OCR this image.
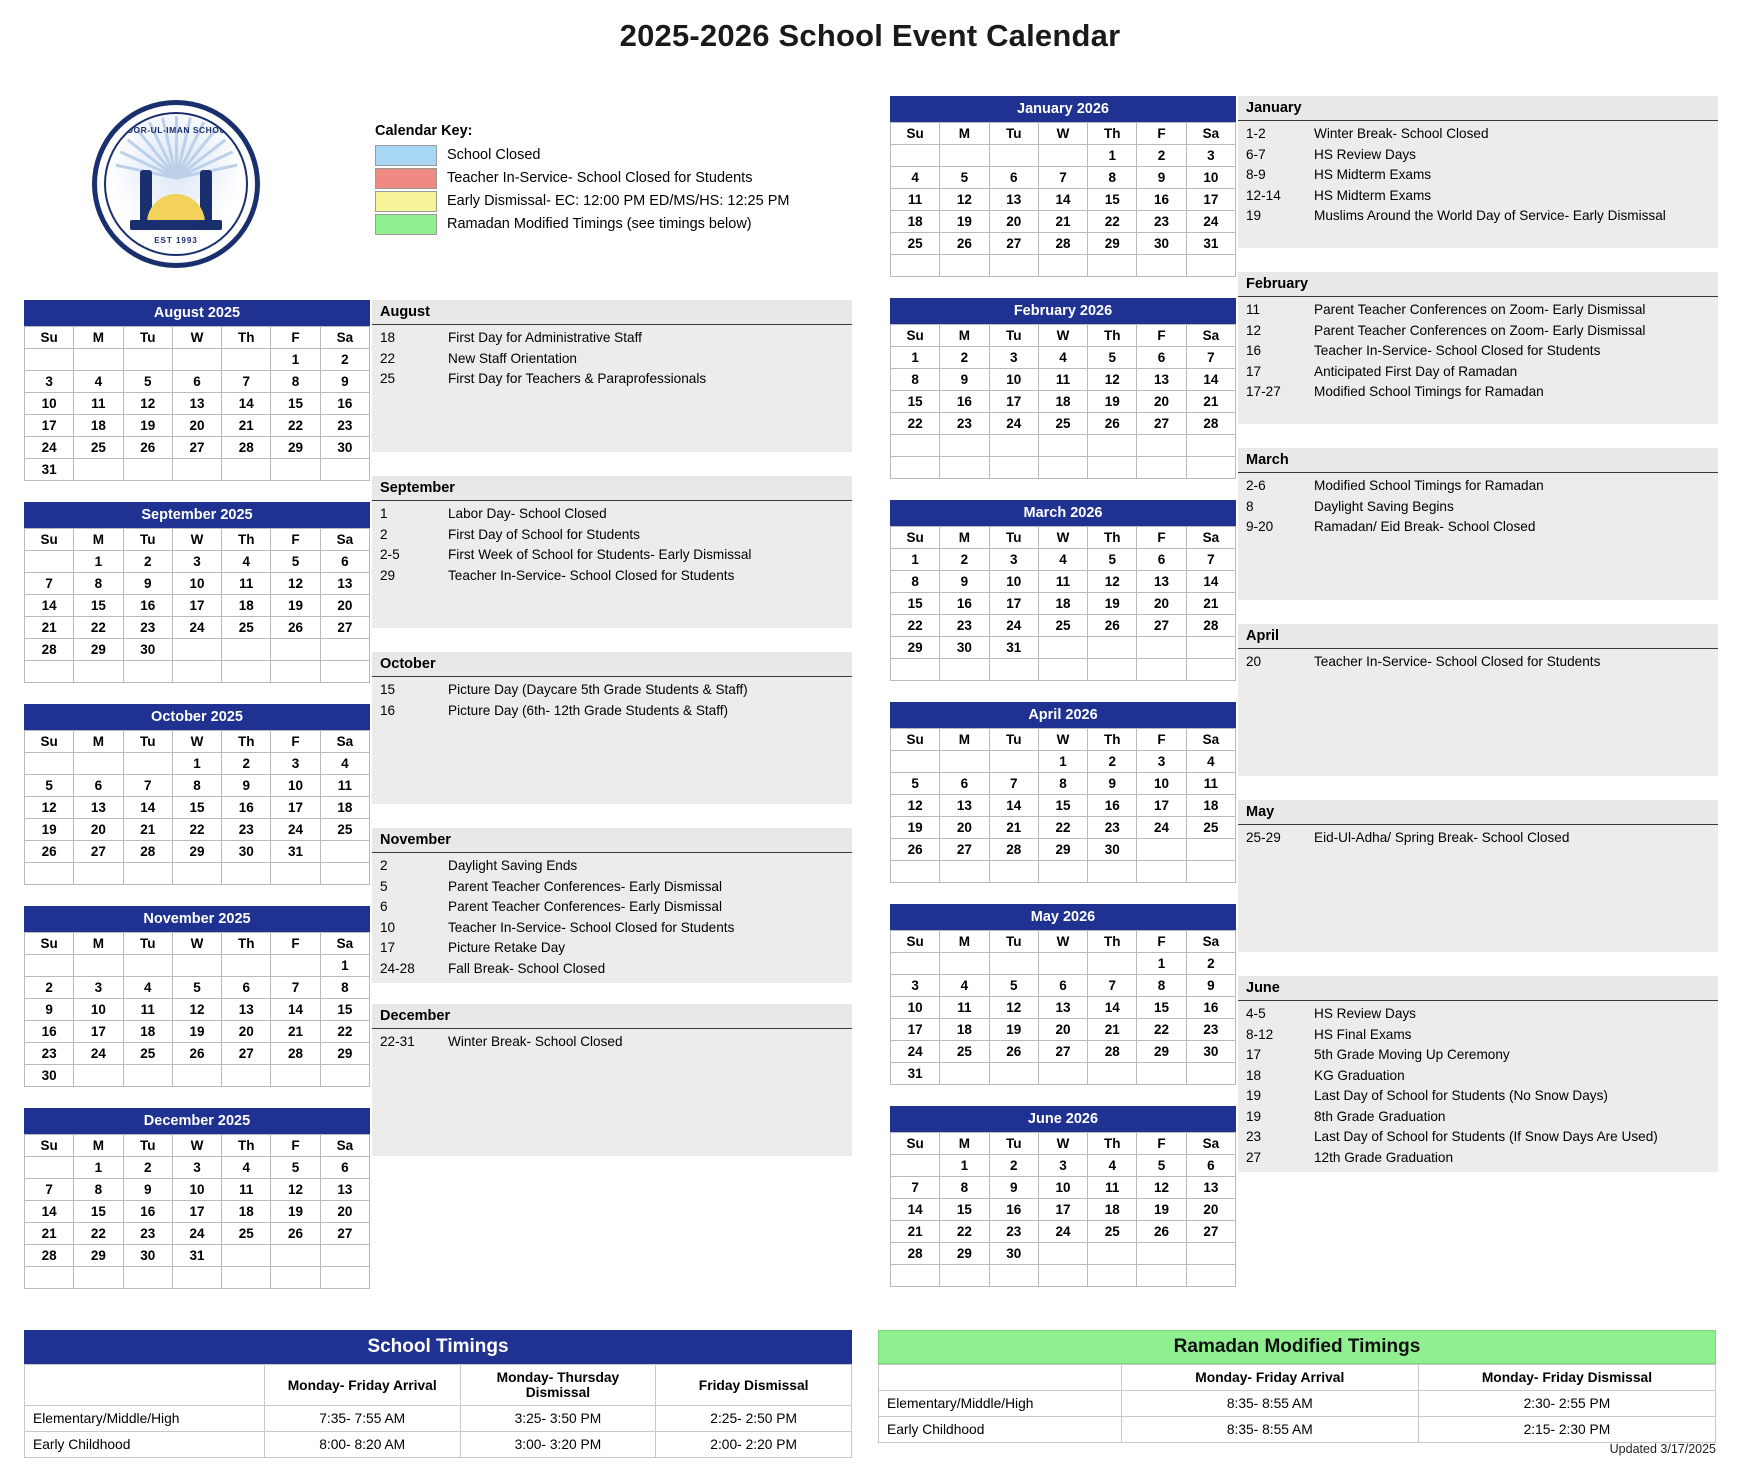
2025-2026 School Event Calendar
NOOR-UL-IMAN SCHOOL
EST 1993
Calendar Key:
School Closed
Teacher In-Service- School Closed for Students
Early Dismissal- EC: 12:00 PM ED/MS/HS: 12:25 PM
Ramadan Modified Timings (see timings below)
August 2025
Su	M	Tu	W	Th	F	Sa
					1	2
3	4	5	6	7	8	9
10	11	12	13	14	15	16
17	18	19	20	21	22	23
24	25	26	27	28	29	30
31						
September 2025
Su	M	Tu	W	Th	F	Sa
	1	2	3	4	5	6
7	8	9	10	11	12	13
14	15	16	17	18	19	20
21	22	23	24	25	26	27
28	29	30				

October 2025
Su	M	Tu	W	Th	F	Sa
			1	2	3	4
5	6	7	8	9	10	11
12	13	14	15	16	17	18
19	20	21	22	23	24	25
26	27	28	29	30	31	

November 2025
Su	M	Tu	W	Th	F	Sa
						1
2	3	4	5	6	7	8
9	10	11	12	13	14	15
16	17	18	19	20	21	22
23	24	25	26	27	28	29
30						
December 2025
Su	M	Tu	W	Th	F	Sa
	1	2	3	4	5	6
7	8	9	10	11	12	13
14	15	16	17	18	19	20
21	22	23	24	25	26	27
28	29	30	31			

August
18	First Day for Administrative Staff
22	New Staff Orientation
25	First Day for Teachers & Paraprofessionals
September
1	Labor Day- School Closed
2	First Day of School for Students
2-5	First Week of School for Students- Early Dismissal
29	Teacher In-Service- School Closed for Students
October
15	Picture Day (Daycare 5th Grade Students & Staff)
16	Picture Day (6th- 12th Grade Students & Staff)
November
2	Daylight Saving Ends
5	Parent Teacher Conferences- Early Dismissal
6	Parent Teacher Conferences- Early Dismissal
10	Teacher In-Service- School Closed for Students
17	Picture Retake Day
24-28	Fall Break- School Closed
December
22-31	Winter Break- School Closed
January 2026
Su	M	Tu	W	Th	F	Sa
				1	2	3
4	5	6	7	8	9	10
11	12	13	14	15	16	17
18	19	20	21	22	23	24
25	26	27	28	29	30	31

February 2026
Su	M	Tu	W	Th	F	Sa
1	2	3	4	5	6	7
8	9	10	11	12	13	14
15	16	17	18	19	20	21
22	23	24	25	26	27	28

March 2026
Su	M	Tu	W	Th	F	Sa
1	2	3	4	5	6	7
8	9	10	11	12	13	14
15	16	17	18	19	20	21
22	23	24	25	26	27	28
29	30	31				

April 2026
Su	M	Tu	W	Th	F	Sa
			1	2	3	4
5	6	7	8	9	10	11
12	13	14	15	16	17	18
19	20	21	22	23	24	25
26	27	28	29	30		

May 2026
Su	M	Tu	W	Th	F	Sa
					1	2
3	4	5	6	7	8	9
10	11	12	13	14	15	16
17	18	19	20	21	22	23
24	25	26	27	28	29	30
31						
June 2026
Su	M	Tu	W	Th	F	Sa
	1	2	3	4	5	6
7	8	9	10	11	12	13
14	15	16	17	18	19	20
21	22	23	24	25	26	27
28	29	30				

January
1-2	Winter Break- School Closed
6-7	HS Review Days
8-9	HS Midterm Exams
12-14	HS Midterm Exams
19	Muslims Around the World Day of Service- Early Dismissal
February
11	Parent Teacher Conferences on Zoom- Early Dismissal
12	Parent Teacher Conferences on Zoom- Early Dismissal
16	Teacher In-Service- School Closed for Students
17	Anticipated First Day of Ramadan
17-27	Modified School Timings for Ramadan
March
2-6	Modified School Timings for Ramadan
8	Daylight Saving Begins
9-20	Ramadan/ Eid Break- School Closed
April
20	Teacher In-Service- School Closed for Students
May
25-29	Eid-Ul-Adha/ Spring Break- School Closed
June
4-5	HS Review Days
8-12	HS Final Exams
17	5th Grade Moving Up Ceremony
18	KG Graduation
19	Last Day of School for Students (No Snow Days)
19	8th Grade Graduation
23	Last Day of School for Students (If Snow Days Are Used)
27	12th Grade Graduation
School Timings
	Monday- Friday Arrival	Monday- Thursday Dismissal	Friday Dismissal
Elementary/Middle/High	7:35- 7:55 AM	3:25- 3:50 PM	2:25- 2:50 PM
Early Childhood	8:00- 8:20 AM	3:00- 3:20 PM	2:00- 2:20 PM
Ramadan Modified Timings
	Monday- Friday Arrival	Monday- Friday Dismissal
Elementary/Middle/High	8:35- 8:55 AM	2:30- 2:55 PM
Early Childhood	8:35- 8:55 AM	2:15- 2:30 PM
Updated 3/17/2025
